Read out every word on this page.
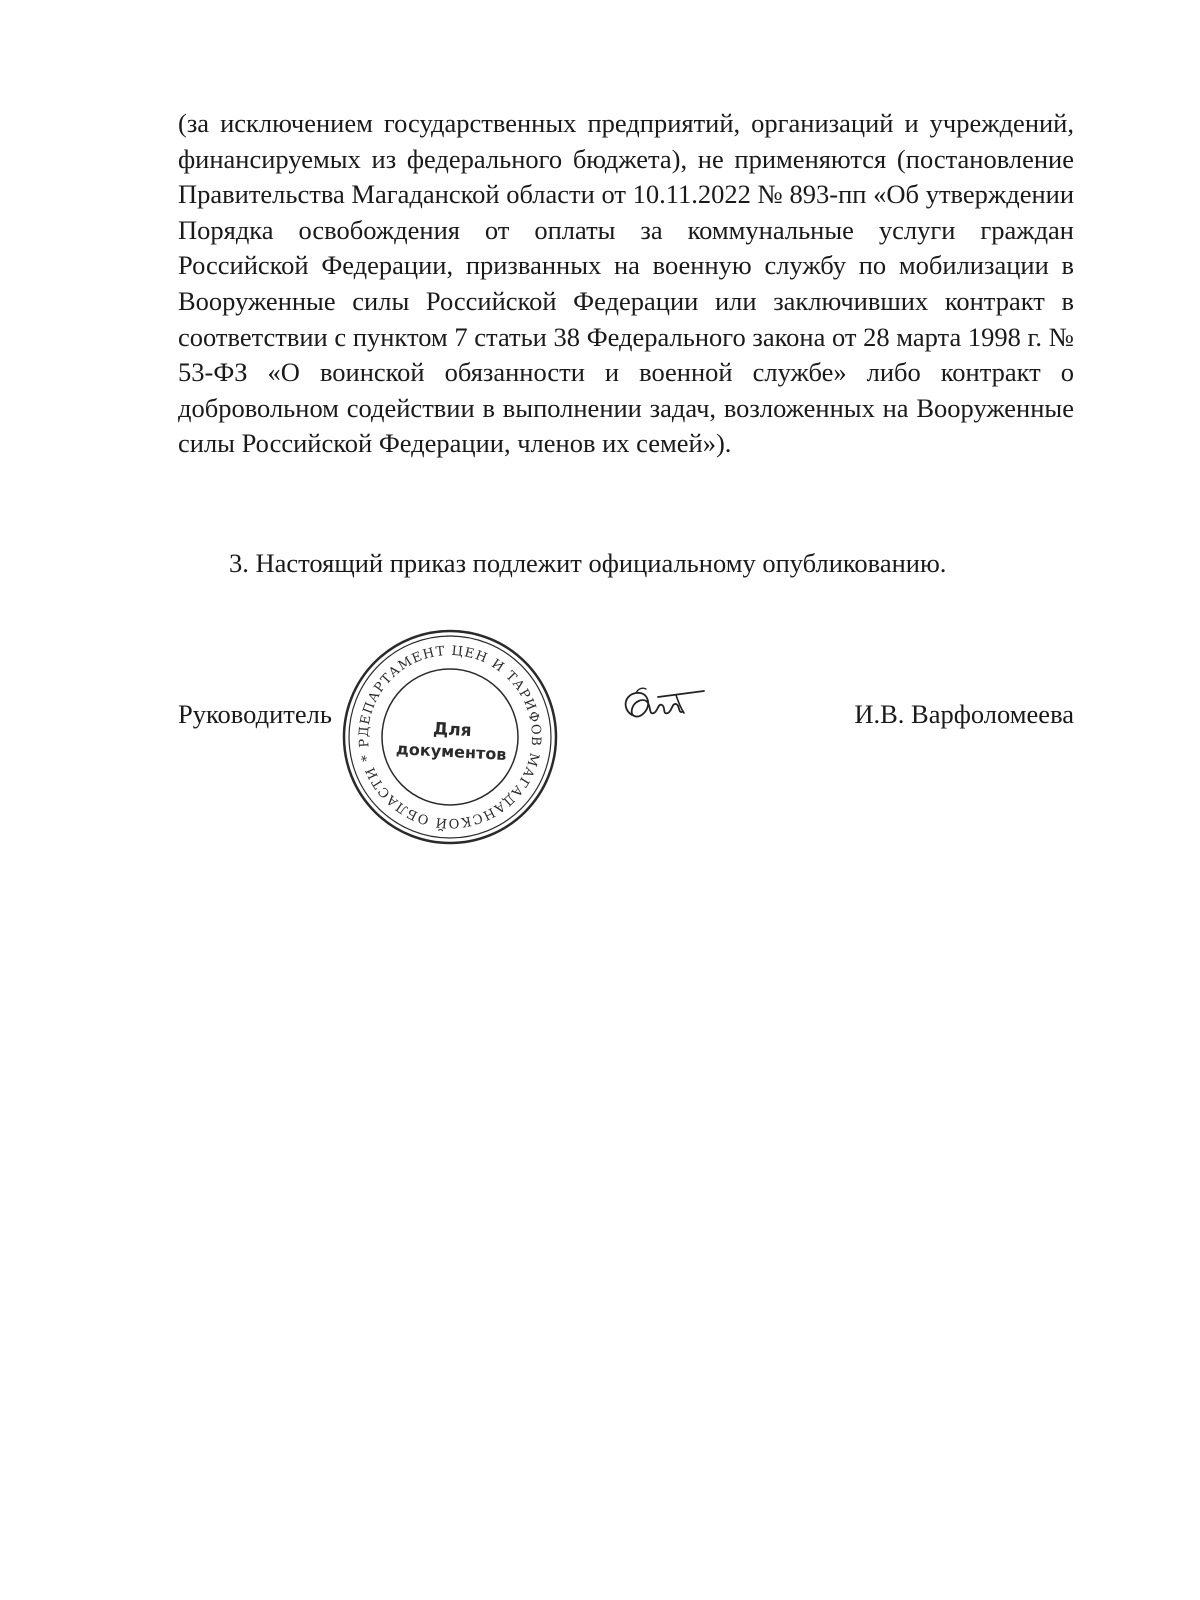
(за исключением государственных предприятий, организаций и учреждений, финансируемых из федерального бюджета), не применяются (постановление Правительства Магаданской области от 10.11.2022 № 893-пп «Об утверждении Порядка освобождения от оплаты за коммунальные услуги граждан Российской Федерации, призванных на военную службу по мобилизации в Вооруженные силы Российской Федерации или заключивших контракт в соответствии с пунктом 7 статьи 38 Федерального закона от 28 марта 1998 г. № 53-ФЗ «О воинской обязанности и военной службе» либо контракт о добровольном содействии в выполнении задач, возложенных на Вооруженные силы Российской Федерации, членов их семей»).

3. Настоящий приказ подлежит официальному опубликованию.

Руководитель

ДЕПАРТАМЕНТ ЦЕН И ТАРИФОВ МАГАДАНСКОЙ ОБЛАСТИ * Р
Для
документов

И.В. Варфоломеева
